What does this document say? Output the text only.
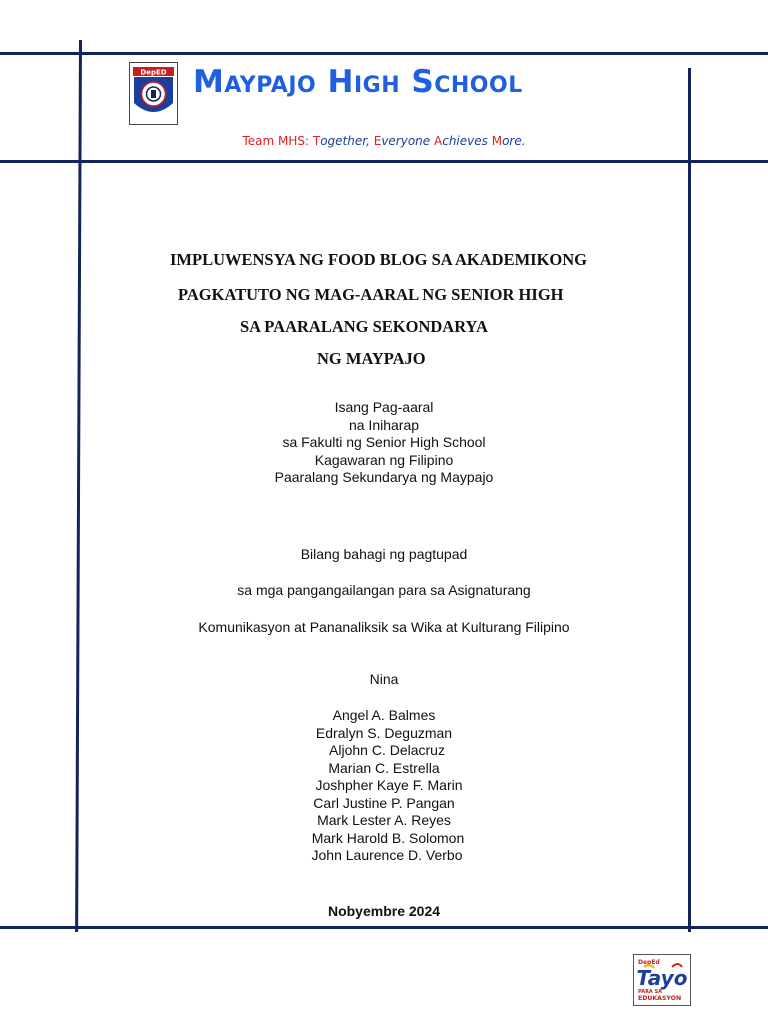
DepED Maypajo High School
Team MHS: Together, Everyone Achieves More.
IMPLUWENSYA NG FOOD BLOG SA AKADEMIKONG
PAGKATUTO NG MAG-AARAL NG SENIOR HIGH
SA PAARALANG SEKONDARYA
NG MAYPAJO
Isang Pag-aaral
na Iniharap
sa Fakulti ng Senior High School
Kagawaran ng Filipino
Paaralang Sekundarya ng Maypajo
Bilang bahagi ng pagtupad
sa mga pangangailangan para sa Asignaturang
Komunikasyon at Pananaliksik sa Wika at Kulturang Filipino
Nina
Angel A. Balmes
Edralyn S. Deguzman
Aljohn C. Delacruz
Marian C. Estrella
Joshpher Kaye F. Marin
Carl Justine P. Pangan
Mark Lester A. Reyes
Mark Harold B. Solomon
John Laurence D. Verbo
Nobyembre 2024
DepEd
Tayo
PARA SA
EDUKASYON
